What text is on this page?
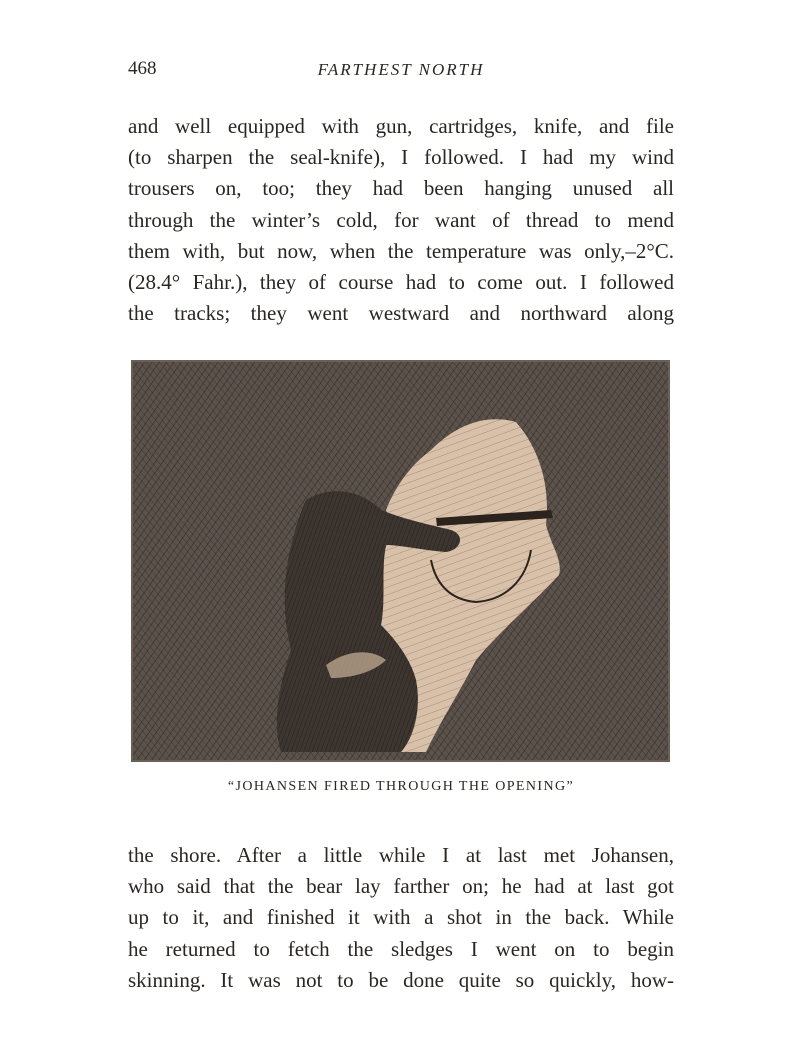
468	FARTHEST NORTH
and well equipped with gun, cartridges, knife, and file
(to sharpen the seal-knife), I followed. I had my wind
trousers on, too; they had been hanging unused all
through the winter’s cold, for want of thread to mend
them with, but now, when the temperature was only,–2°C.
(28.4° Fahr.), they of course had to come out. I followed
the tracks; they went westward and northward along
“JOHANSEN FIRED THROUGH THE OPENING”
the shore. After a little while I at last met Johansen,
who said that the bear lay farther on; he had at last got
up to it, and finished it with a shot in the back. While
he returned to fetch the sledges I went on to begin
skinning. It was not to be done quite so quickly, how-
